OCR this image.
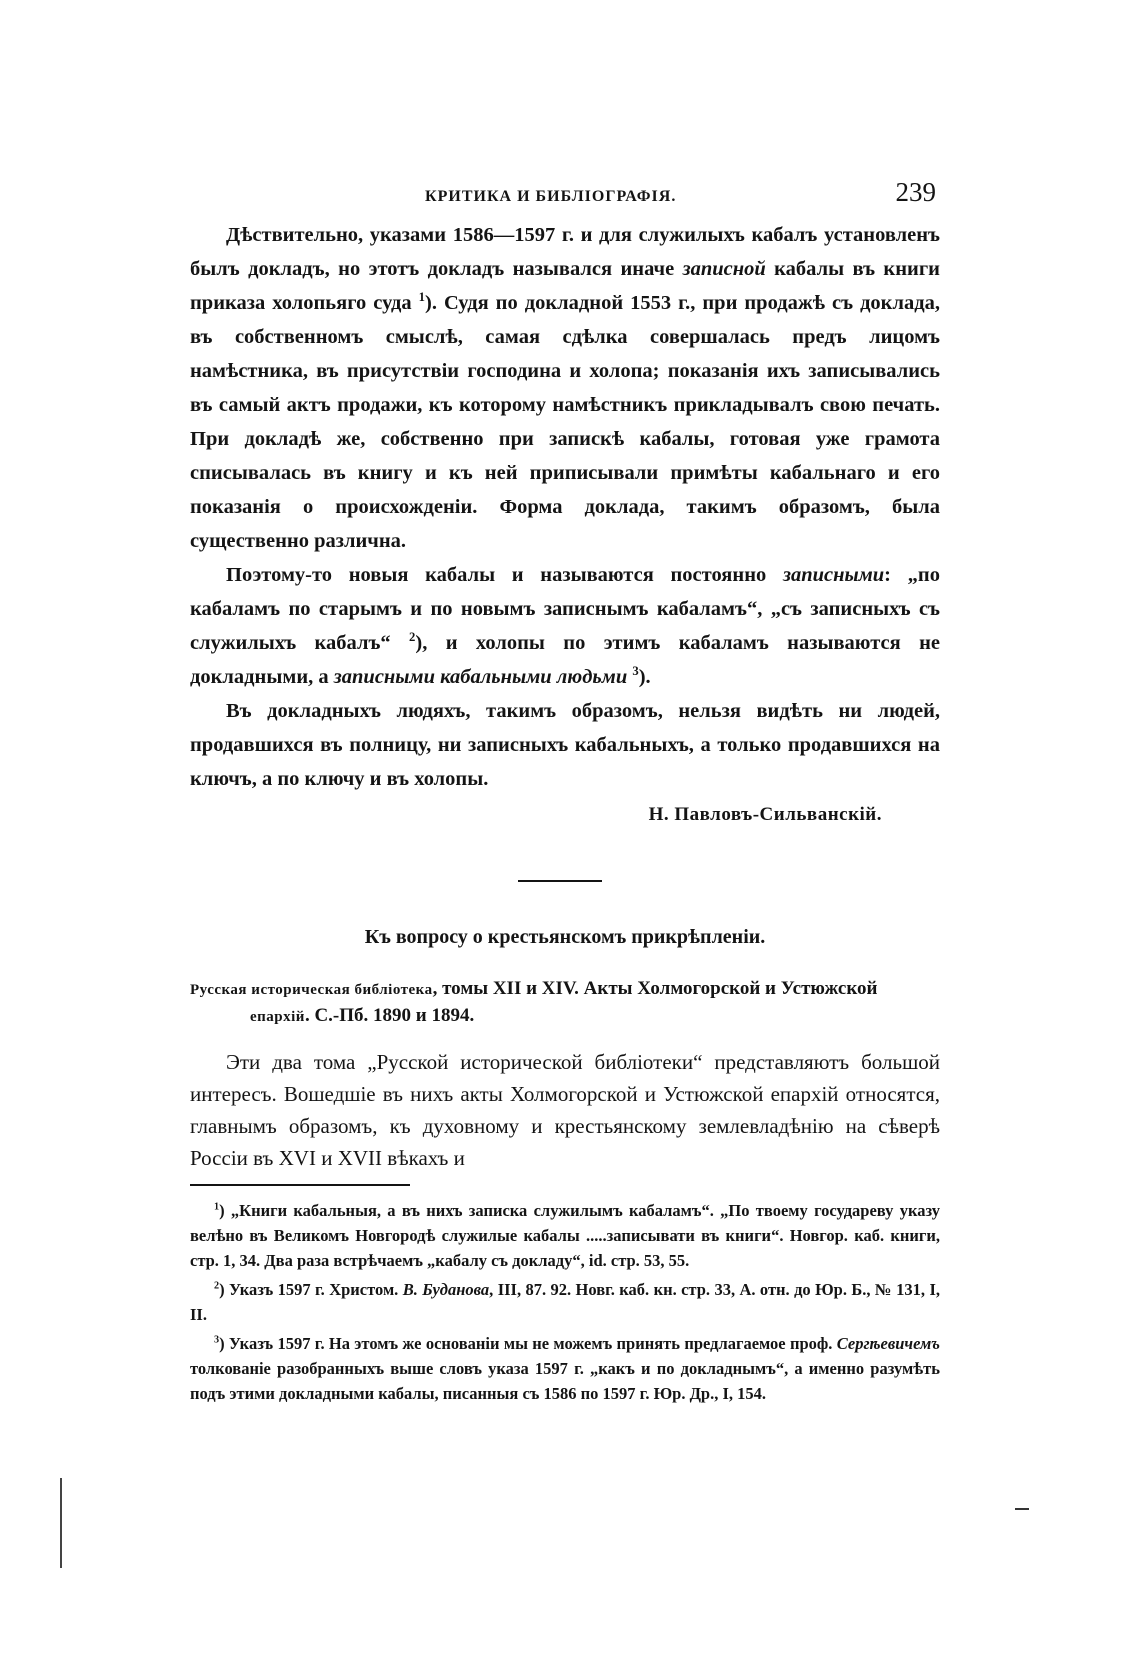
КРИТИКА И БИБЛІОГРАФІЯ.	239

Дѣствительно, указами 1586—1597 г. и для служилыхъ кабалъ установленъ былъ докладъ, но этотъ докладъ назывался иначе записной кабалы въ книги приказа холопьяго суда $^1$). Судя по докладной 1553 г., при продажѣ съ доклада, въ собственномъ смыслѣ, самая сдѣлка совершалась предъ лицомъ намѣстника, въ присутствіи господина и холопа; показанія ихъ записывались въ самый актъ продажи, къ которому намѣстникъ прикладывалъ свою печать. При докладѣ же, собственно при запискѣ кабалы, готовая уже грамота списывалась въ книгу и къ ней приписывали примѣты кабальнаго и его показанія о происхожденіи. Форма доклада, такимъ образомъ, была существенно различна.

Поэтому-то новыя кабалы и называются постоянно записными: „по кабаламъ по старымъ и по новымъ записнымъ кабаламъ“, „съ записныхъ съ служилыхъ кабалъ“ $^2$), и холопы по этимъ кабаламъ называются не докладными, а записными кабальными людьми $^3$).

Въ докладныхъ людяхъ, такимъ образомъ, нельзя видѣть ни людей, продавшихся въ полницу, ни записныхъ кабальныхъ, а только продавшихся на ключъ, а по ключу и въ холопы.

Н. Павловъ-Сильванскій.
Къ вопросу о крестьянскомъ прикрѣпленіи.
Русская историческая библіотека, томы XII и XIV. Акты Холмогорской и Устюжской епархій. С.-Пб. 1890 и 1894.

Эти два тома „Русской исторической библіотеки“ представляютъ большой интересъ. Вошедшіе въ нихъ акты Холмогорской и Устюжской епархій относятся, главнымъ образомъ, къ духовному и крестьянскому землевладѣнію на сѣверѣ Россіи въ XVI и XVII вѣкахъ и

$^1$) „Книги кабальныя, а въ нихъ записка служилымъ кабаламъ“. „По твоему государеву указу велѣно въ Великомъ Новгородѣ служилые кабалы .....записывати въ книги“. Новгор. каб. книги, стр. 1, 34. Два раза встрѣчаемъ „кабалу съ докладу“, id. стр. 53, 55.

$^2$) Указъ 1597 г. Христом. В. Буданова, III, 87. 92. Новг. каб. кн. стр. 33, А. отн. до Юр. Б., № 131, I, II.

$^3$) Указъ 1597 г. На этомъ же основаніи мы не можемъ принять предлагаемое проф. Сергѣевичемъ толкованіе разобранныхъ выше словъ указа 1597 г. „какъ и по докладнымъ“, а именно разумѣть подъ этими докладными кабалы, писанныя съ 1586 по 1597 г. Юр. Др., I, 154.
